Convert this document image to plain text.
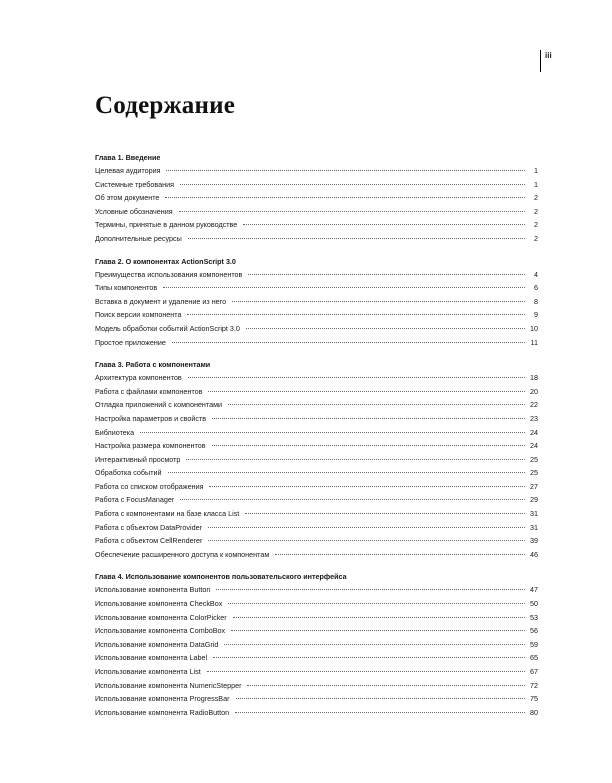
iii
Содержание
Глава 1. Введение
Целевая аудитория	1
Системные требования	1
Об этом документе	2
Условные обозначения	2
Термины, принятые в данном руководстве	2
Дополнительные ресурсы	2
Глава 2. О компонентах ActionScript 3.0
Преимущества использования компонентов	4
Типы компонентов	6
Вставка в документ и удаление из него	8
Поиск версии компонента	9
Модель обработки событий ActionScript 3.0	10
Простое приложение	11
Глава 3. Работа с компонентами
Архитектура компонентов	18
Работа с файлами компонентов	20
Отладка приложений с компонентами	22
Настройка параметров и свойств	23
Библиотека	24
Настройка размера компонентов	24
Интерактивный просмотр	25
Обработка событий	25
Работа со списком отображения	27
Работа с FocusManager	29
Работа с компонентами на базе класса List	31
Работа с объектом DataProvider	31
Работа с объектом CellRenderer	39
Обеспечение расширенного доступа к компонентам	46
Глава 4. Использование компонентов пользовательского интерфейса
Использование компонента Button	47
Использование компонента CheckBox	50
Использование компонента ColorPicker	53
Использование компонента ComboBox	56
Использование компонента DataGrid	59
Использование компонента Label	65
Использование компонента List	67
Использование компонента NumericStepper	72
Использование компонента ProgressBar	75
Использование компонента RadioButton	80
